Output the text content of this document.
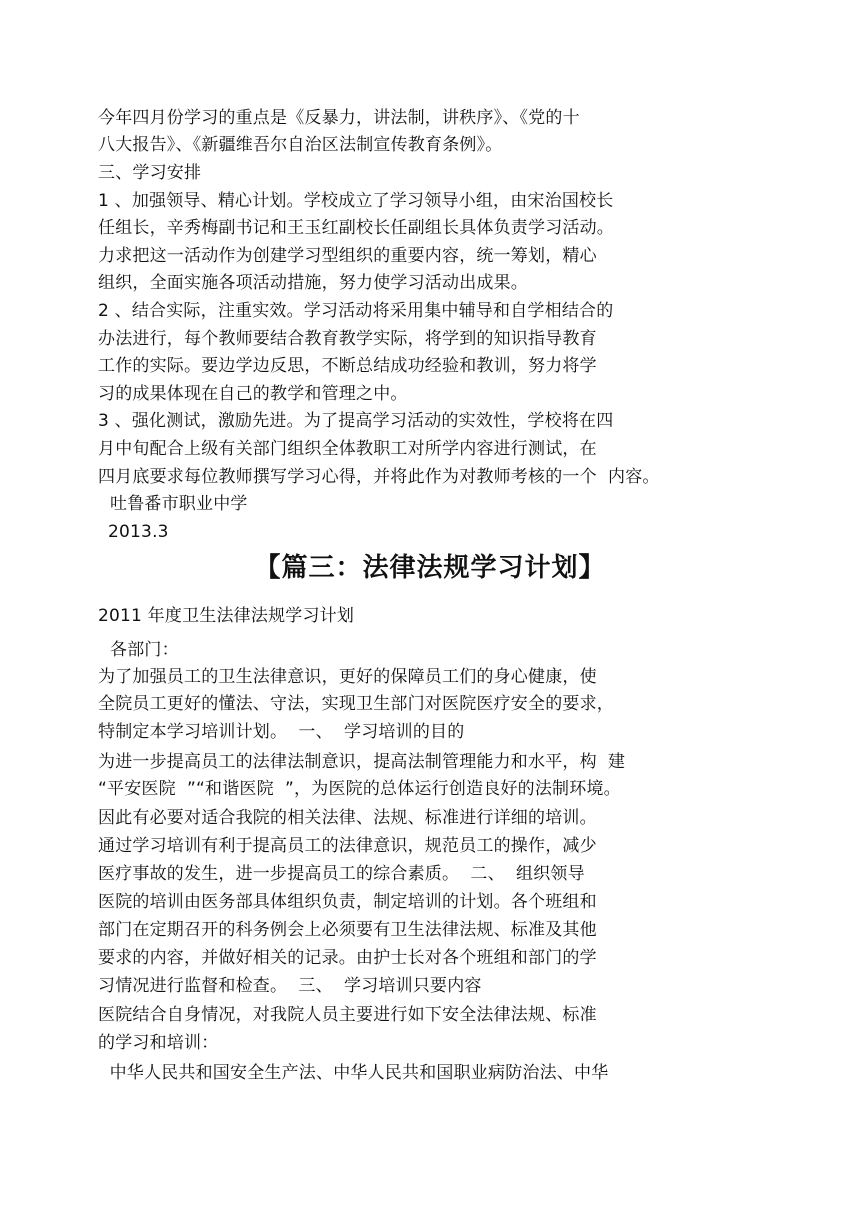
今年四月份学习的重点是《反暴力，讲法制，讲秩序》、《党的十
八大报告》、《新疆维吾尔自治区法制宣传教育条例》。
三、学习安排
1 、加强领导、精心计划。学校成立了学习领导小组，由宋治国校长
任组长，辛秀梅副书记和王玉红副校长任副组长具体负责学习活动。
力求把这一活动作为创建学习型组织的重要内容，统一筹划，精心
组织，全面实施各项活动措施，努力使学习活动出成果。
2 、结合实际，注重实效。学习活动将采用集中辅导和自学相结合的
办法进行，每个教师要结合教育教学实际，将学到的知识指导教育
工作的实际。要边学边反思，不断总结成功经验和教训，努力将学
习的成果体现在自己的教学和管理之中。
3 、强化测试，激励先进。为了提高学习活动的实效性，学校将在四
月中旬配合上级有关部门组织全体教职工对所学内容进行测试，在
四月底要求每位教师撰写学习心得，并将此作为对教师考核的一个  内容。
吐鲁番市职业中学
2013.3
【篇三：法律法规学习计划】
2011 年度卫生法律法规学习计划
各部门：
为了加强员工的卫生法律意识，更好的保障员工们的身心健康，使
全院员工更好的懂法、守法，实现卫生部门对医院医疗安全的要求，
特制定本学习培训计划。  一、  学习培训的目的
为进一步提高员工的法律法制意识，提高法制管理能力和水平，构  建
“平安医院  ”“和谐医院  ”，为医院的总体运行创造良好的法制环境。
因此有必要对适合我院的相关法律、法规、标准进行详细的培训。
通过学习培训有利于提高员工的法律意识，规范员工的操作，减少
医疗事故的发生，进一步提高员工的综合素质。  二、  组织领导
医院的培训由医务部具体组织负责，制定培训的计划。各个班组和
部门在定期召开的科务例会上必须要有卫生法律法规、标准及其他
要求的内容，并做好相关的记录。由护士长对各个班组和部门的学
习情况进行监督和检查。  三、  学习培训只要内容
医院结合自身情况，对我院人员主要进行如下安全法律法规、标准
的学习和培训：
中华人民共和国安全生产法、中华人民共和国职业病防治法、中华
